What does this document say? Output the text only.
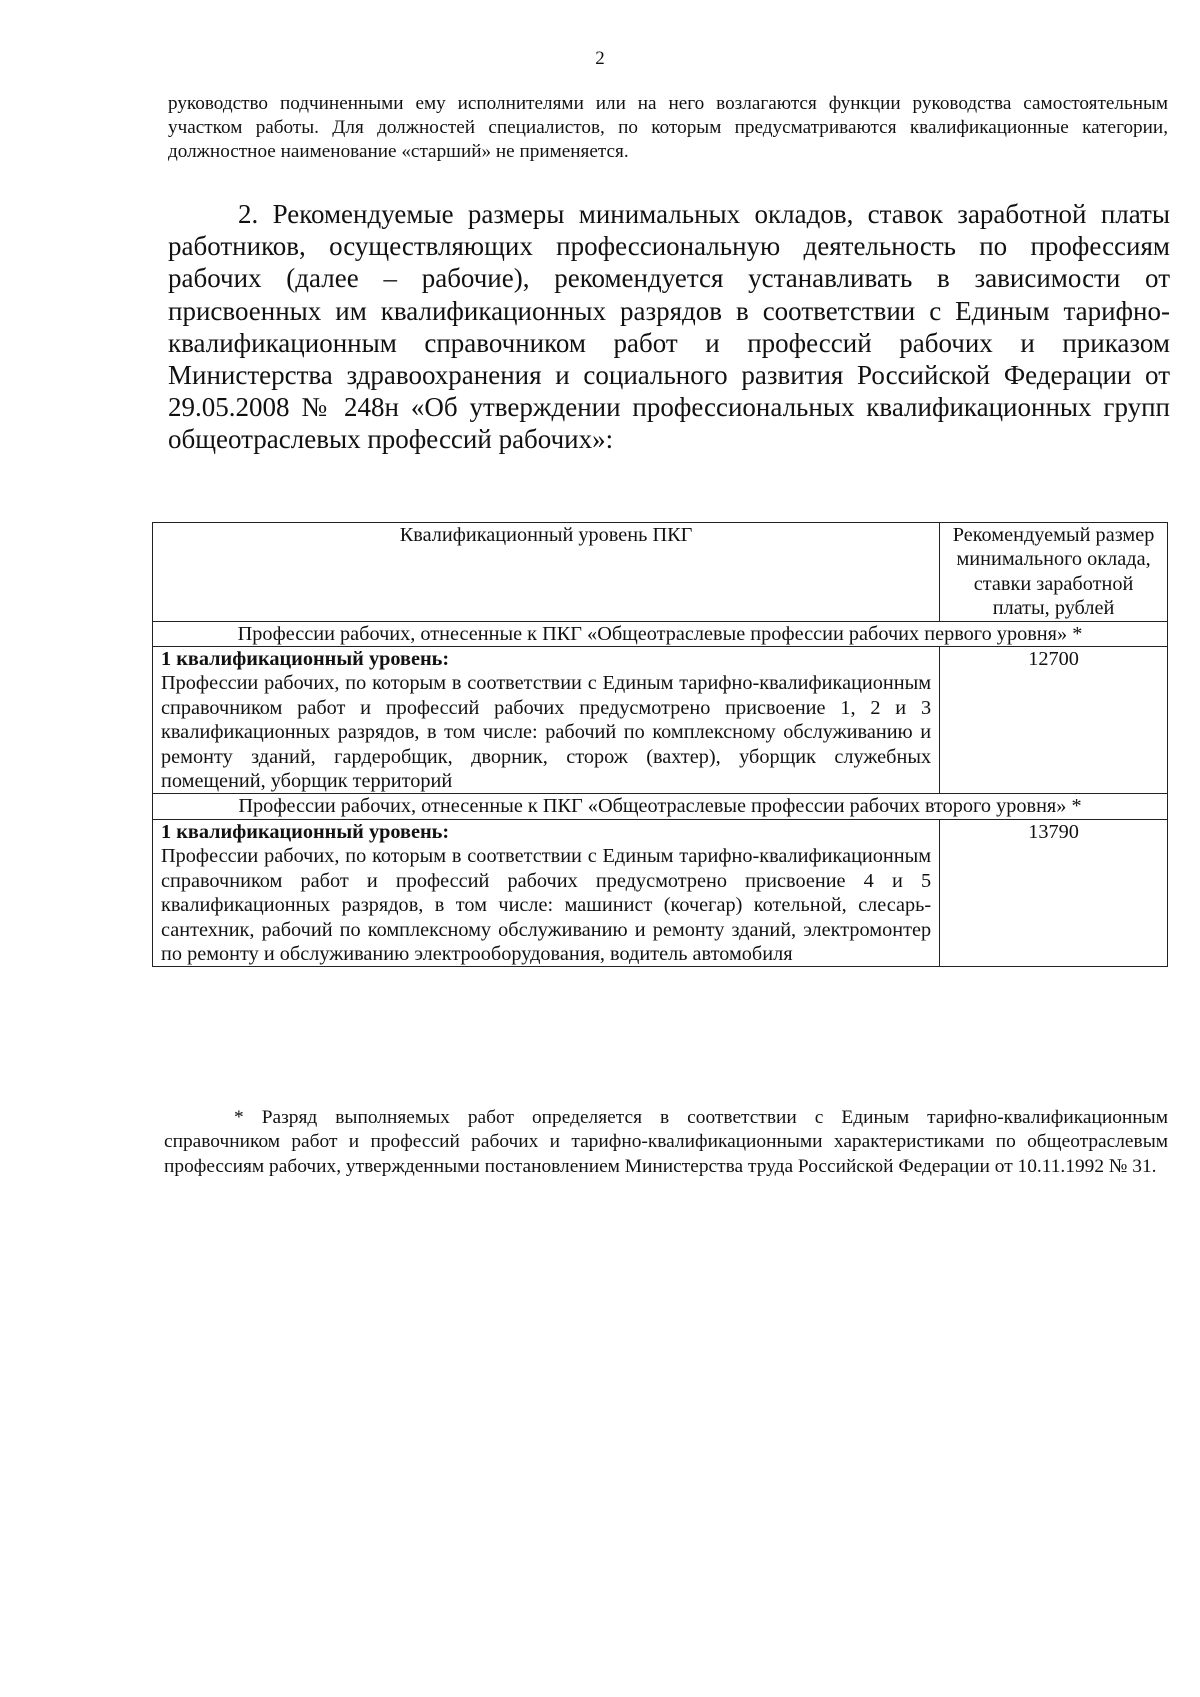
2

руководство подчиненными ему исполнителями или на него возлагаются функции руководства самостоятельным участком работы. Для должностей специалистов, по которым предусматриваются квалификационные категории, должностное наименование «старший» не применяется.

2. Рекомендуемые размеры минимальных окладов, ставок заработной платы работников, осуществляющих профессиональную деятельность по профессиям рабочих (далее – рабочие), рекомендуется устанавливать в зависимости от присвоенных им квалификационных разрядов в соответствии с Единым тарифно-квалификационным справочником работ и профессий рабочих и приказом Министерства здравоохранения и социального развития Российской Федерации от 29.05.2008 № 248н «Об утверждении профессиональных квалификационных групп общеотраслевых профессий рабочих»:

Квалификационный уровень ПКГ	Рекомендуемый размер минимального оклада, ставки заработной платы, рублей
Профессии рабочих, отнесенные к ПКГ «Общеотраслевые профессии рабочих первого уровня» *	

1 квалификационный уровень:
Профессии рабочих, по которым в соответствии с Единым тарифно-квалификационным справочником работ и профессий рабочих предусмотрено присвоение 1, 2 и 3 квалификационных разрядов, в том числе: рабочий по комплексному обслуживанию и ремонту зданий, гардеробщик, дворник, сторож (вахтер), уборщик служебных помещений, уборщик территорий	12700
Профессии рабочих, отнесенные к ПКГ «Общеотраслевые профессии рабочих второго уровня» *	

1 квалификационный уровень:
Профессии рабочих, по которым в соответствии с Единым тарифно-квалификационным справочником работ и профессий рабочих предусмотрено присвоение 4 и 5 квалификационных разрядов, в том числе: машинист (кочегар) котельной, слесарь-сантехник, рабочий по комплексному обслуживанию и ремонту зданий, электромонтер по ремонту и обслуживанию электрооборудования, водитель автомобиля	13790

* Разряд выполняемых работ определяется в соответствии с Единым тарифно-квалификационным справочником работ и профессий рабочих и тарифно-квалификационными характеристиками по общеотраслевым профессиям рабочих, утвержденными постановлением Министерства труда Российской Федерации от 10.11.1992 № 31.
